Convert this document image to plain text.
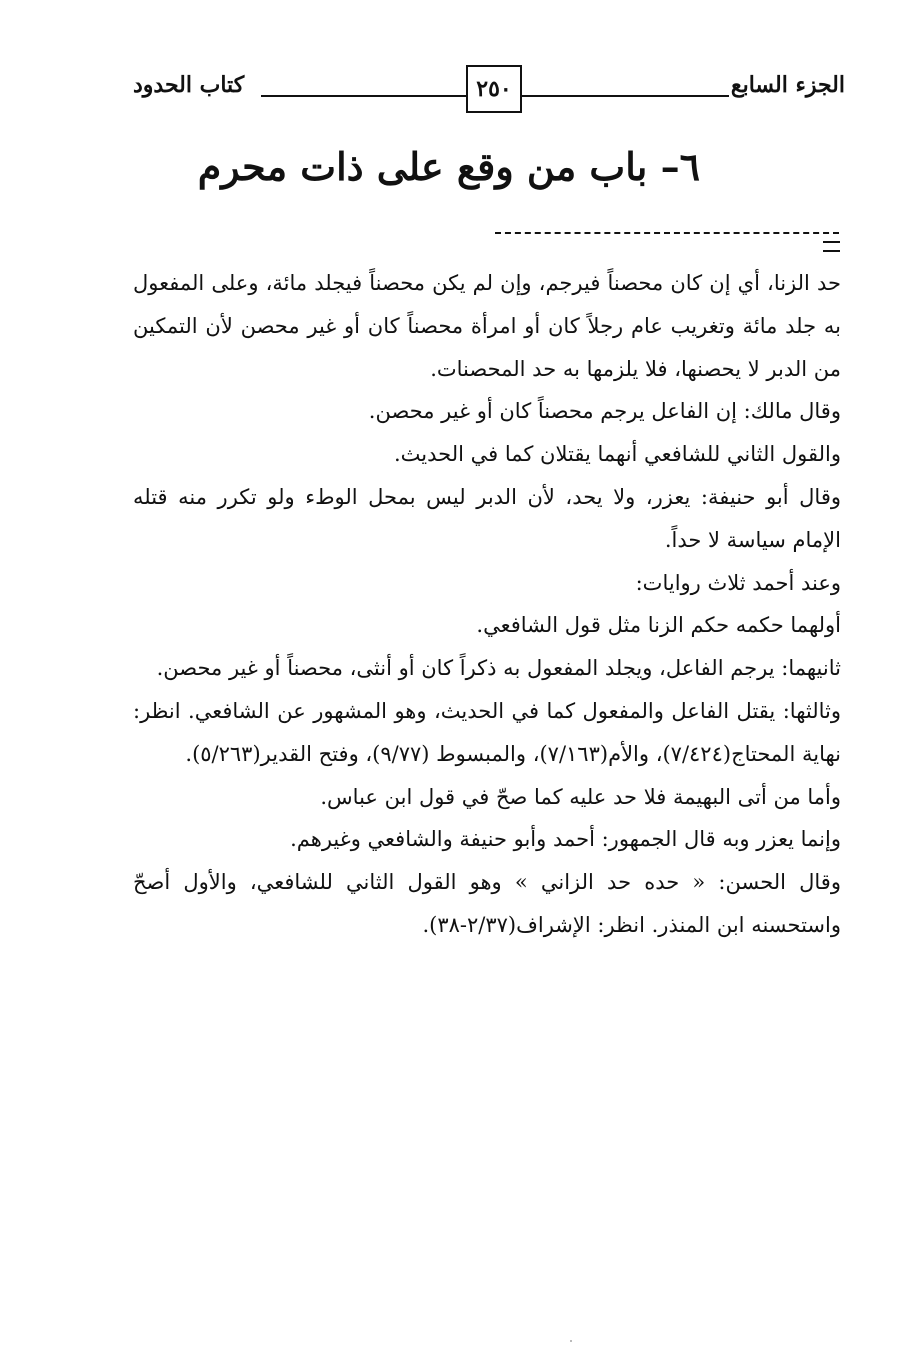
الجزء السابع
٢٥٠
كتاب الحدود
٦– باب من وقع على ذات محرم

حد الزنا، أي إن كان محصناً فيرجم، وإن لم يكن محصناً فيجلد مائة، وعلى المفعول به جلد مائة وتغريب عام رجلاً كان أو امرأة محصناً كان أو غير محصن لأن التمكين من الدبر لا يحصنها، فلا يلزمها به حد المحصنات.

وقال مالك: إن الفاعل يرجم محصناً كان أو غير محصن.

والقول الثاني للشافعي أنهما يقتلان كما في الحديث.

وقال أبو حنيفة: يعزر، ولا يحد، لأن الدبر ليس بمحل الوطء ولو تكرر منه قتله الإمام سياسة لا حداً.

وعند أحمد ثلاث روايات:

أولهما حكمه حكم الزنا مثل قول الشافعي.

ثانيهما: يرجم الفاعل، ويجلد المفعول به ذكراً كان أو أنثى، محصناً أو غير محصن.

وثالثها: يقتل الفاعل والمفعول كما في الحديث، وهو المشهور عن الشافعي. انظر: نهاية المحتاج(٧/٤٢٤)، والأم(٧/١٦٣)، والمبسوط (٩/٧٧)، وفتح القدير(٥/٢٦٣).

وأما من أتى البهيمة فلا حد عليه كما صحّ في قول ابن عباس.

وإنما يعزر وبه قال الجمهور: أحمد وأبو حنيفة والشافعي وغيرهم.

وقال الحسن: « حده حد الزاني » وهو القول الثاني للشافعي، والأول أصحّ واستحسنه ابن المنذر. انظر: الإشراف(٢/٣٧-٣٨).
